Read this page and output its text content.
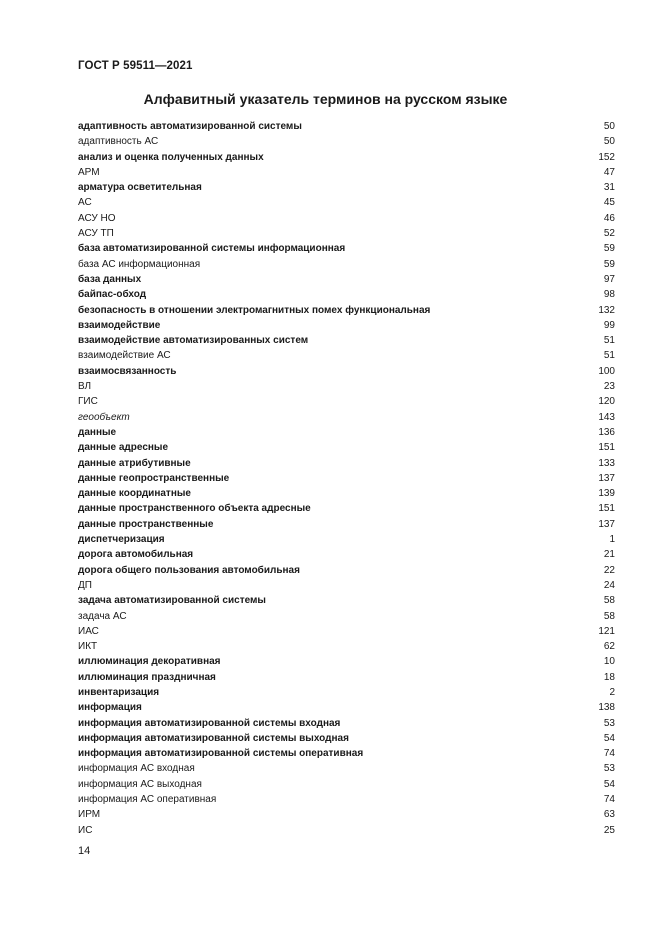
ГОСТ Р 59511—2021
Алфавитный указатель терминов на русском языке
адаптивность автоматизированной системы	50
адаптивность АС	50
анализ и оценка полученных данных	152
АРМ	47
арматура осветительная	31
АС	45
АСУ НО	46
АСУ ТП	52
база автоматизированной системы информационная	59
база АС информационная	59
база данных	97
байпас-обход	98
безопасность в отношении электромагнитных помех функциональная	132
взаимодействие	99
взаимодействие автоматизированных систем	51
взаимодействие АС	51
взаимосвязанность	100
ВЛ	23
ГИС	120
геообъект	143
данные	136
данные адресные	151
данные атрибутивные	133
данные геопространственные	137
данные координатные	139
данные пространственного объекта адресные	151
данные пространственные	137
диспетчеризация	1
дорога автомобильная	21
дорога общего пользования автомобильная	22
ДП	24
задача автоматизированной системы	58
задача АС	58
ИАС	121
ИКТ	62
иллюминация декоративная	10
иллюминация праздничная	18
инвентаризация	2
информация	138
информация автоматизированной системы входная	53
информация автоматизированной системы выходная	54
информация автоматизированной системы оперативная	74
информация АС входная	53
информация АС выходная	54
информация АС оперативная	74
ИРМ	63
ИС	25
14
